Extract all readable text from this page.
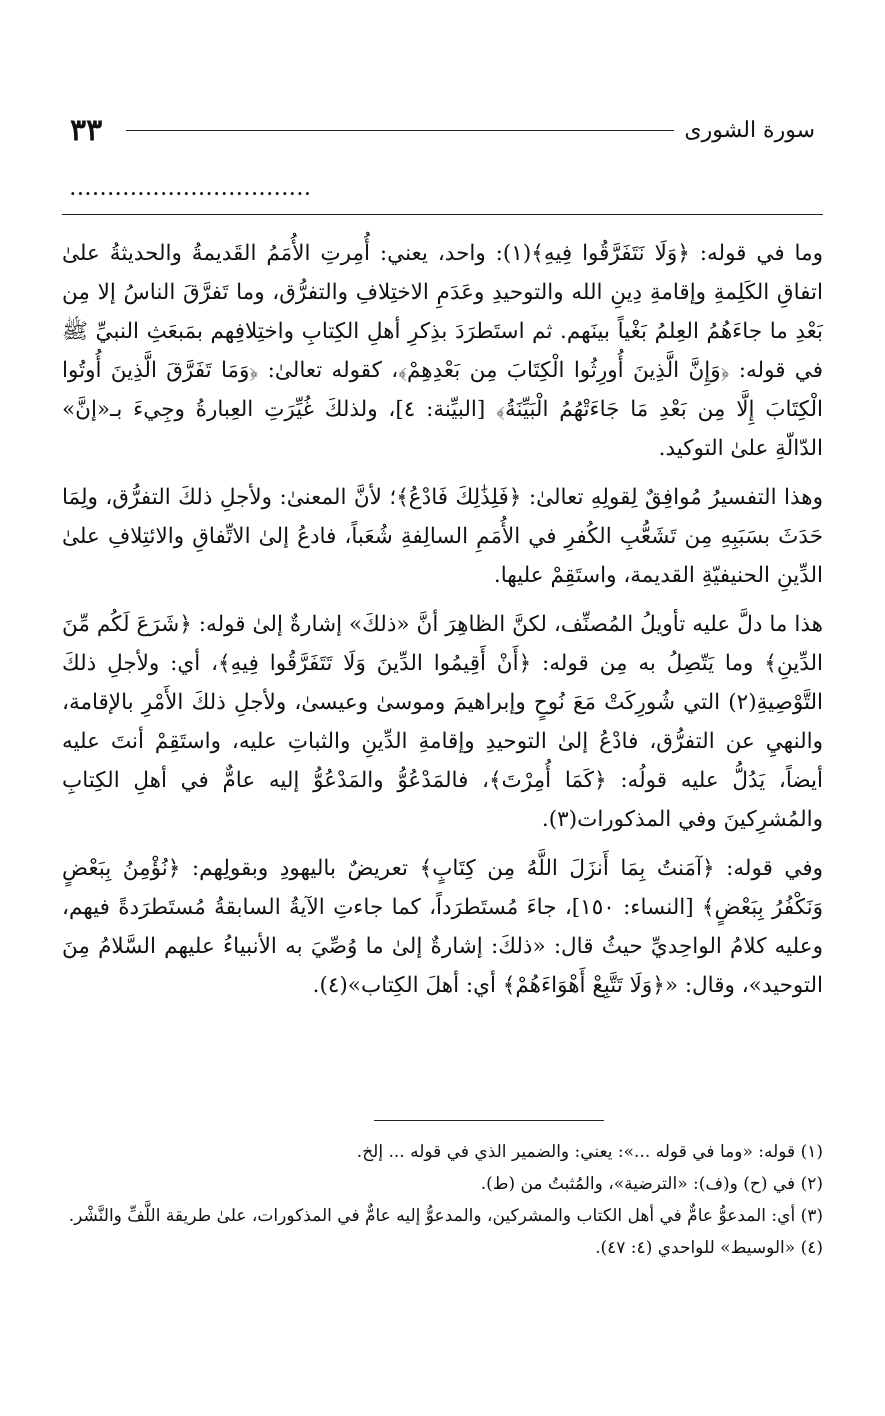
٣٣	سورة الشورى
................................

وما في قوله: ﴿وَلَا نَتَفَرَّقُوا فِيهِ﴾(١): واحد، يعني: أُمِرتِ الأُمَمُ القَديمةُ والحديثةُ علىٰ اتفاقِ الكَلِمةِ وإقامةِ دِينِ الله والتوحيدِ وعَدَمِ الاختِلافِ والتفرُّق، وما تَفرَّقَ الناسُ إلا مِن بَعْدِ ما جاءَهُمُ العِلمُ بَغْياً بينَهم. ثم استَطرَدَ بذِكرِ أهلِ الكِتابِ واختِلافِهم بمَبعَثِ النبيِّ ﷺ في قوله: ﴿وَإِنَّ الَّذِينَ أُورِثُوا الْكِتَابَ مِن بَعْدِهِمْ﴾، كقوله تعالىٰ: ﴿وَمَا تَفَرَّقَ الَّذِينَ أُوتُوا الْكِتَابَ إِلَّا مِن بَعْدِ مَا جَاءَتْهُمُ الْبَيِّنَةُ﴾ [البيِّنة: ٤]، ولذلكَ غُيِّرَتِ العِبارةُ وجِيءَ بـ«إنَّ» الدّالّةِ علىٰ التوكيد.

وهذا التفسيرُ مُوافِقٌ لِقولِهِ تعالىٰ: ﴿فَلِذَٰلِكَ فَادْعُ﴾؛ لأنَّ المعنىٰ: ولأجلِ ذلكَ التفرُّق، ولِمَا حَدَثَ بسَبَبِهِ مِن تَشَعُّبِ الكُفرِ في الأُمَمِ السالِفةِ شُعَباً، فادعُ إلىٰ الاتِّفاقِ والائتِلافِ علىٰ الدِّينِ الحنيفيّةِ القديمة، واستَقِمْ عليها.

هذا ما دلَّ عليه تأويلُ المُصنِّف، لكنَّ الظاهِرَ أنَّ «ذلكَ» إشارةٌ إلىٰ قوله: ﴿شَرَعَ لَكُم مِّنَ الدِّينِ﴾ وما يَتّصِلُ به مِن قوله: ﴿أَنْ أَقِيمُوا الدِّينَ وَلَا تَتَفَرَّقُوا فِيهِ﴾، أي: ولأجلِ ذلكَ التَّوْصِيةِ(٢) التي شُورِكَتْ مَعَ نُوحٍ وإبراهيمَ وموسىٰ وعيسىٰ، ولأجلِ ذلكَ الأَمْرِ بالإقامة، والنهيِ عن التفرُّق، فادْعُ إلىٰ التوحيدِ وإقامةِ الدِّينِ والثباتِ عليه، واستَقِمْ أنتَ عليه أيضاً، يَدُلُّ عليه قولُه: ﴿كَمَا أُمِرْتَ﴾، فالمَدْعُوُّ والمَدْعُوُّ إليه عامٌّ في أهلِ الكِتابِ والمُشرِكينَ وفي المذكورات(٣).

وفي قوله: ﴿آمَنتُ بِمَا أَنزَلَ اللَّهُ مِن كِتَابٍ﴾ تعريضٌ باليهودِ وبقولِهم: ﴿نُؤْمِنُ بِبَعْضٍ وَنَكْفُرُ بِبَعْضٍ﴾ [النساء: ١٥٠]، جاءَ مُستَطرَداً، كما جاءتِ الآيةُ السابقةُ مُستَطرَدةً فيهم، وعليه كلامُ الواحِديِّ حيثُ قال: «ذلكَ: إشارةٌ إلىٰ ما وُصِّيَ به الأنبياءُ عليهم السَّلامُ مِنَ التوحيد»، وقال: «﴿وَلَا تَتَّبِعْ أَهْوَاءَهُمْ﴾ أي: أهلَ الكِتاب»(٤).

(١) قوله: «وما في قوله ...»: يعني: والضمير الذي في قوله ... إلخ.

(٢) في (ح) و(ف): «الترضية»، والمُثبتُ من (ط).

(٣) أي: المدعوُّ عامٌّ في أهل الكتاب والمشركين، والمدعوُّ إليه عامٌّ في المذكورات، علىٰ طريقة اللَّفِّ والنَّشْر.

(٤) «الوسيط» للواحدي (٤: ٤٧).
